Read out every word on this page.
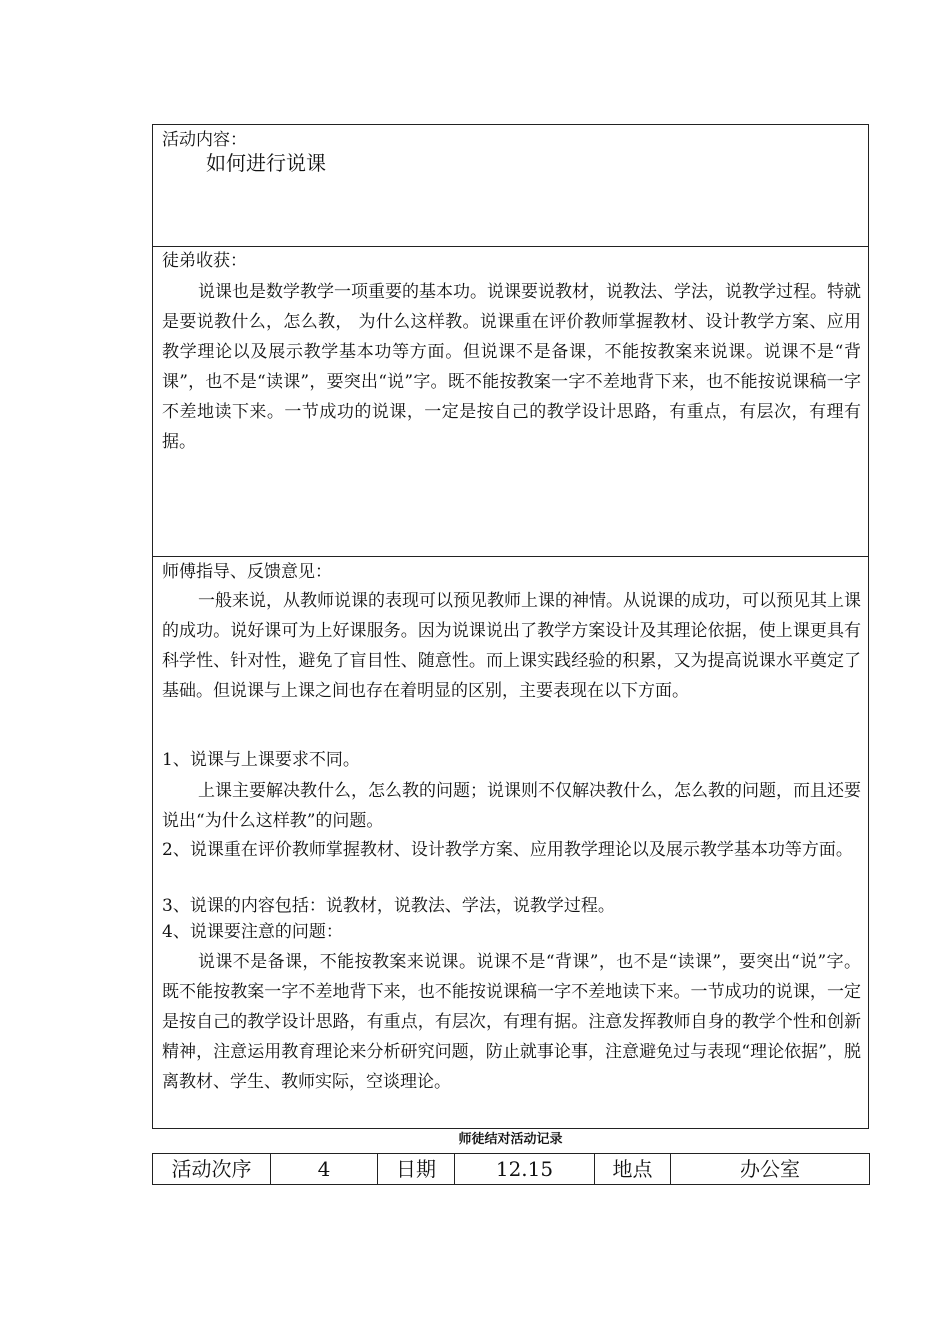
活动内容：
如何进行说课
徒弟收获：

说课也是数学教学一项重要的基本功。说课要说教材，说教法、学法，说教学过程。特就是要说教什么，怎么教， 为什么这样教。说课重在评价教师掌握教材、设计教学方案、应用教学理论以及展示教学基本功等方面。但说课不是备课，不能按教案来说课。说课不是“背课”，也不是“读课”，要突出“说”字。既不能按教案一字不差地背下来，也不能按说课稿一字不差地读下来。一节成功的说课，一定是按自己的教学设计思路，有重点，有层次，有理有据。

师傅指导、反馈意见：

一般来说，从教师说课的表现可以预见教师上课的神情。从说课的成功，可以预见其上课的成功。说好课可为上好课服务。因为说课说出了教学方案设计及其理论依据，使上课更具有科学性、针对性，避免了盲目性、随意性。而上课实践经验的积累，又为提高说课水平奠定了基础。但说课与上课之间也存在着明显的区别，主要表现在以下方面。

1、说课与上课要求不同。

上课主要解决教什么，怎么教的问题；说课则不仅解决教什么，怎么教的问题，而且还要说出“为什么这样教”的问题。

2、说课重在评价教师掌握教材、设计教学方案、应用教学理论以及展示教学基本功等方面。

3、说课的内容包括：说教材，说教法、学法，说教学过程。

4、说课要注意的问题：

说课不是备课，不能按教案来说课。说课不是“背课”，也不是“读课”，要突出“说”字。既不能按教案一字不差地背下来，也不能按说课稿一字不差地读下来。一节成功的说课，一定是按自己的教学设计思路，有重点，有层次，有理有据。注意发挥教师自身的教学个性和创新精神，注意运用教育理论来分析研究问题，防止就事论事，注意避免过与表现“理论依据”，脱离教材、学生、教师实际，空谈理论。

师徒结对活动记录
活动次序	4	日期	12.15	地点	办公室
